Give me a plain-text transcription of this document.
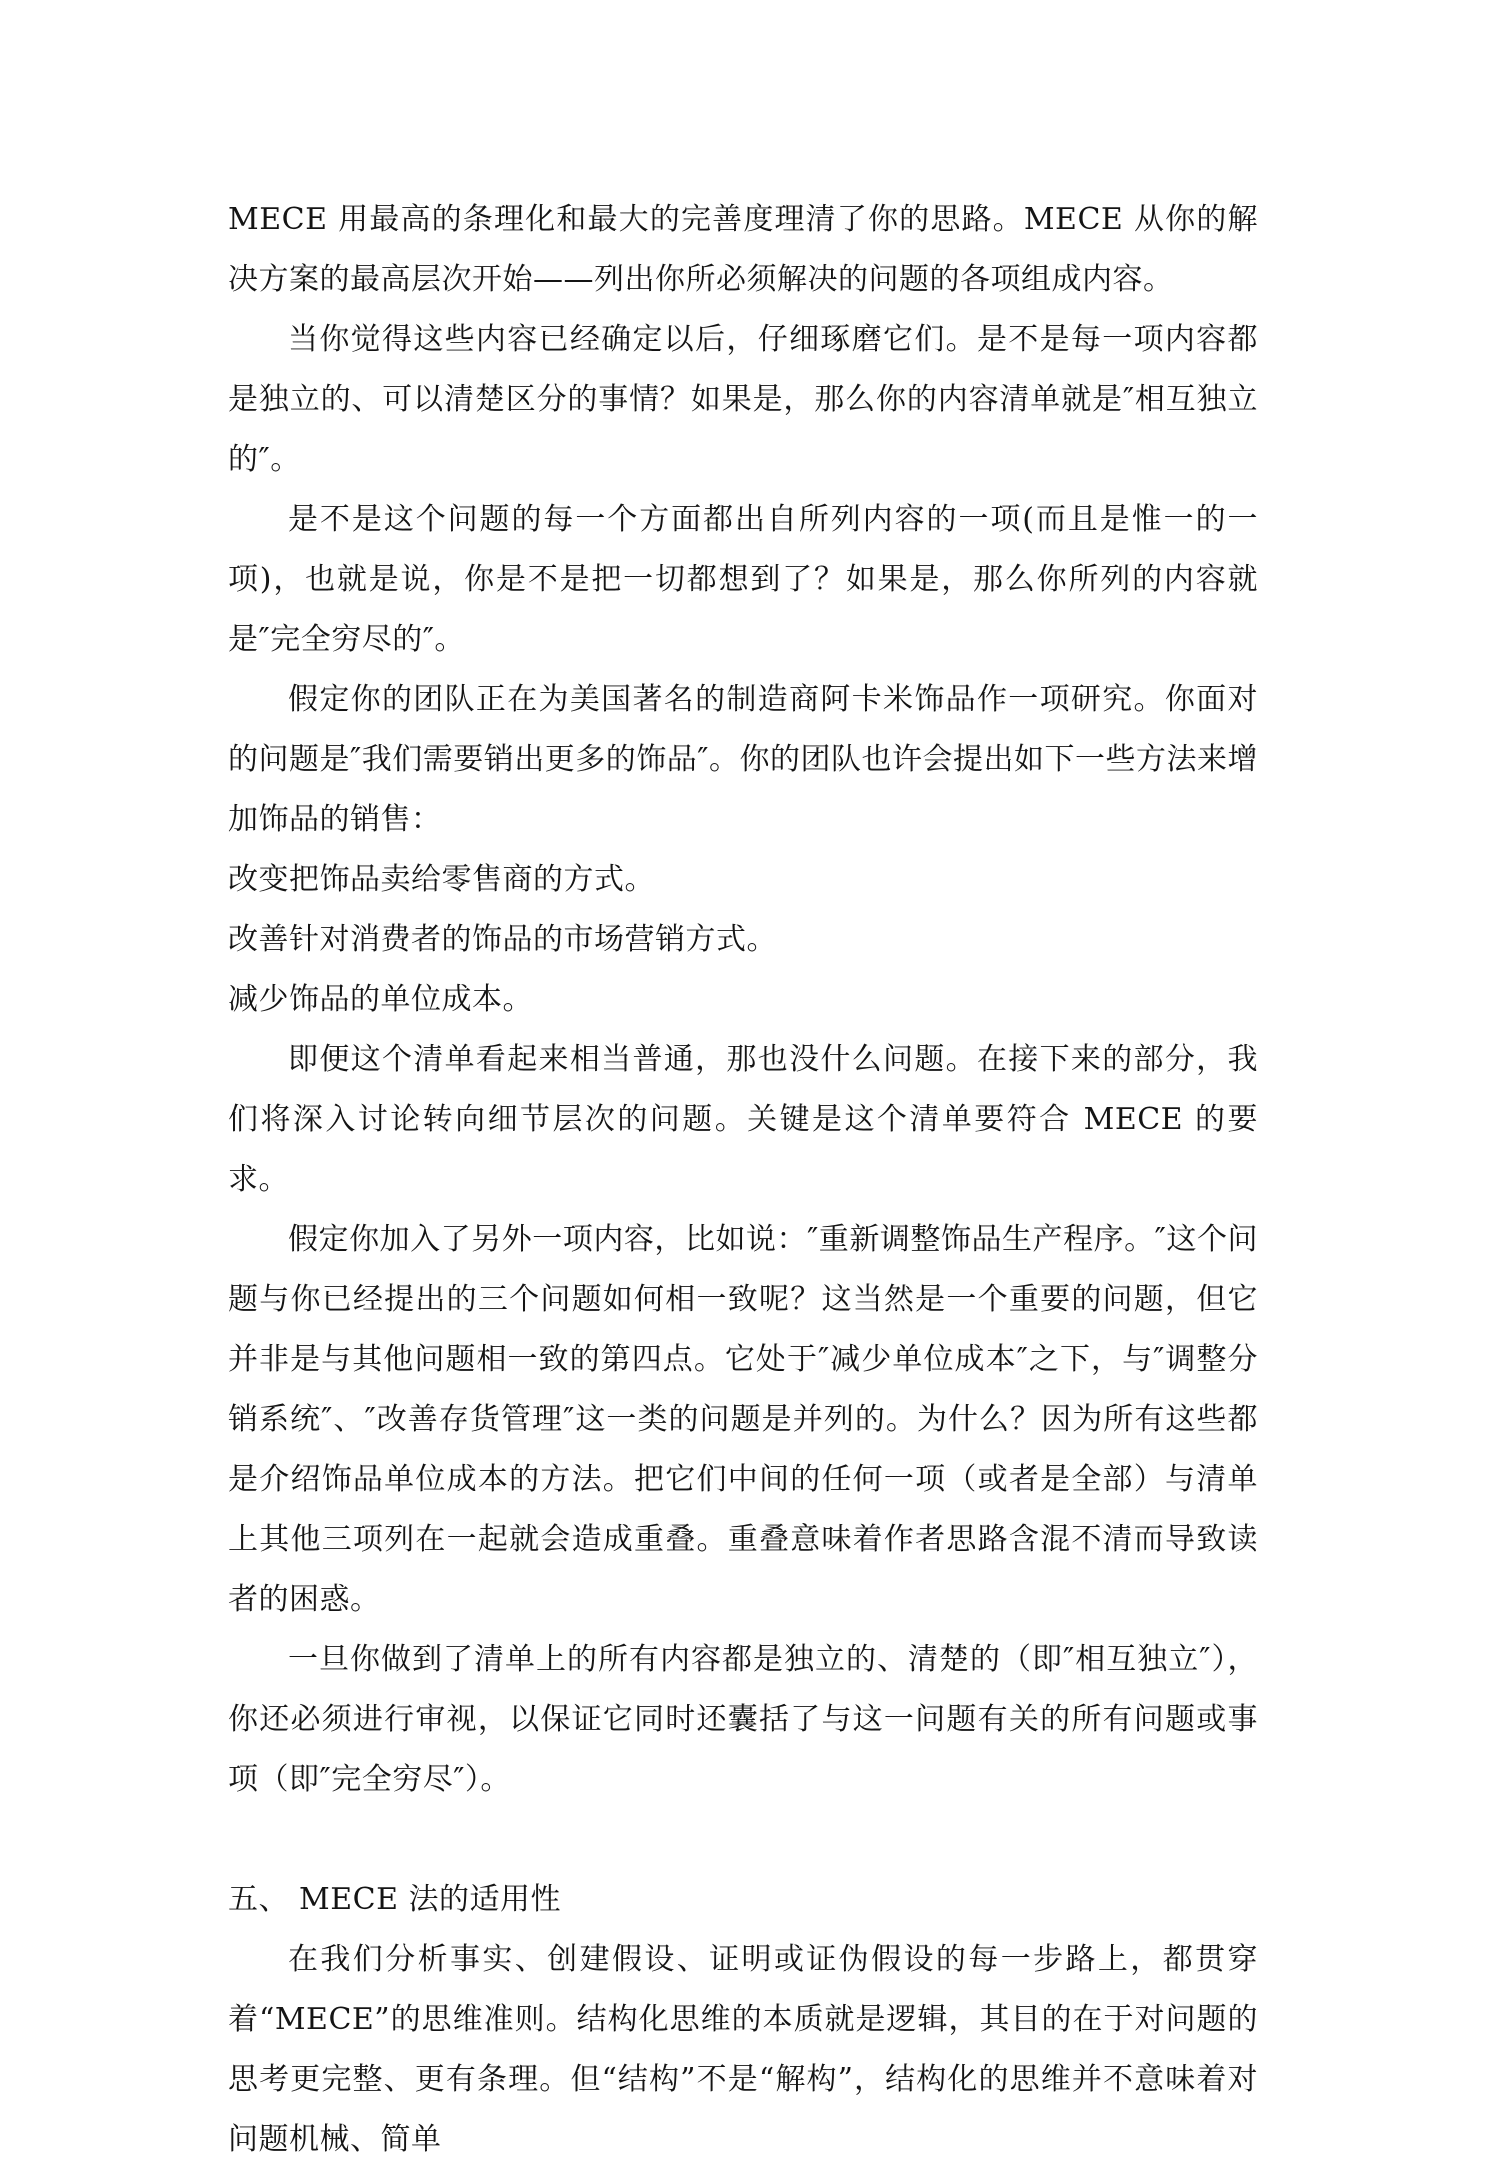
MECE 用最高的条理化和最大的完善度理清了你的思路。MECE 从你的解决方案的最高层次开始——列出你所必须解决的问题的各项组成内容。

当你觉得这些内容已经确定以后，仔细琢磨它们。是不是每一项内容都是独立的、可以清楚区分的事情？如果是，那么你的内容清单就是″相互独立的″。

是不是这个问题的每一个方面都出自所列内容的一项(而且是惟一的一项)，也就是说，你是不是把一切都想到了？如果是，那么你所列的内容就是″完全穷尽的″。

假定你的团队正在为美国著名的制造商阿卡米饰品作一项研究。你面对的问题是″我们需要销出更多的饰品″。你的团队也许会提出如下一些方法来增加饰品的销售：

改变把饰品卖给零售商的方式。

改善针对消费者的饰品的市场营销方式。

减少饰品的单位成本。

即便这个清单看起来相当普通，那也没什么问题。在接下来的部分，我们将深入讨论转向细节层次的问题。关键是这个清单要符合 MECE 的要求。

假定你加入了另外一项内容，比如说：″重新调整饰品生产程序。″这个问题与你已经提出的三个问题如何相一致呢？这当然是一个重要的问题，但它并非是与其他问题相一致的第四点。它处于″减少单位成本″之下，与″调整分销系统″、″改善存货管理″这一类的问题是并列的。为什么？因为所有这些都是介绍饰品单位成本的方法。把它们中间的任何一项（或者是全部）与清单上其他三项列在一起就会造成重叠。重叠意味着作者思路含混不清而导致读者的困惑。

一旦你做到了清单上的所有内容都是独立的、清楚的（即″相互独立″），你还必须进行审视，以保证它同时还囊括了与这一问题有关的所有问题或事项（即″完全穷尽″）。

五、 MECE 法的适用性

在我们分析事实、创建假设、证明或证伪假设的每一步路上，都贯穿着“MECE”的思维准则。结构化思维的本质就是逻辑，其目的在于对问题的思考更完整、更有条理。但“结构”不是“解构”，结构化的思维并不意味着对问题机械、简单
